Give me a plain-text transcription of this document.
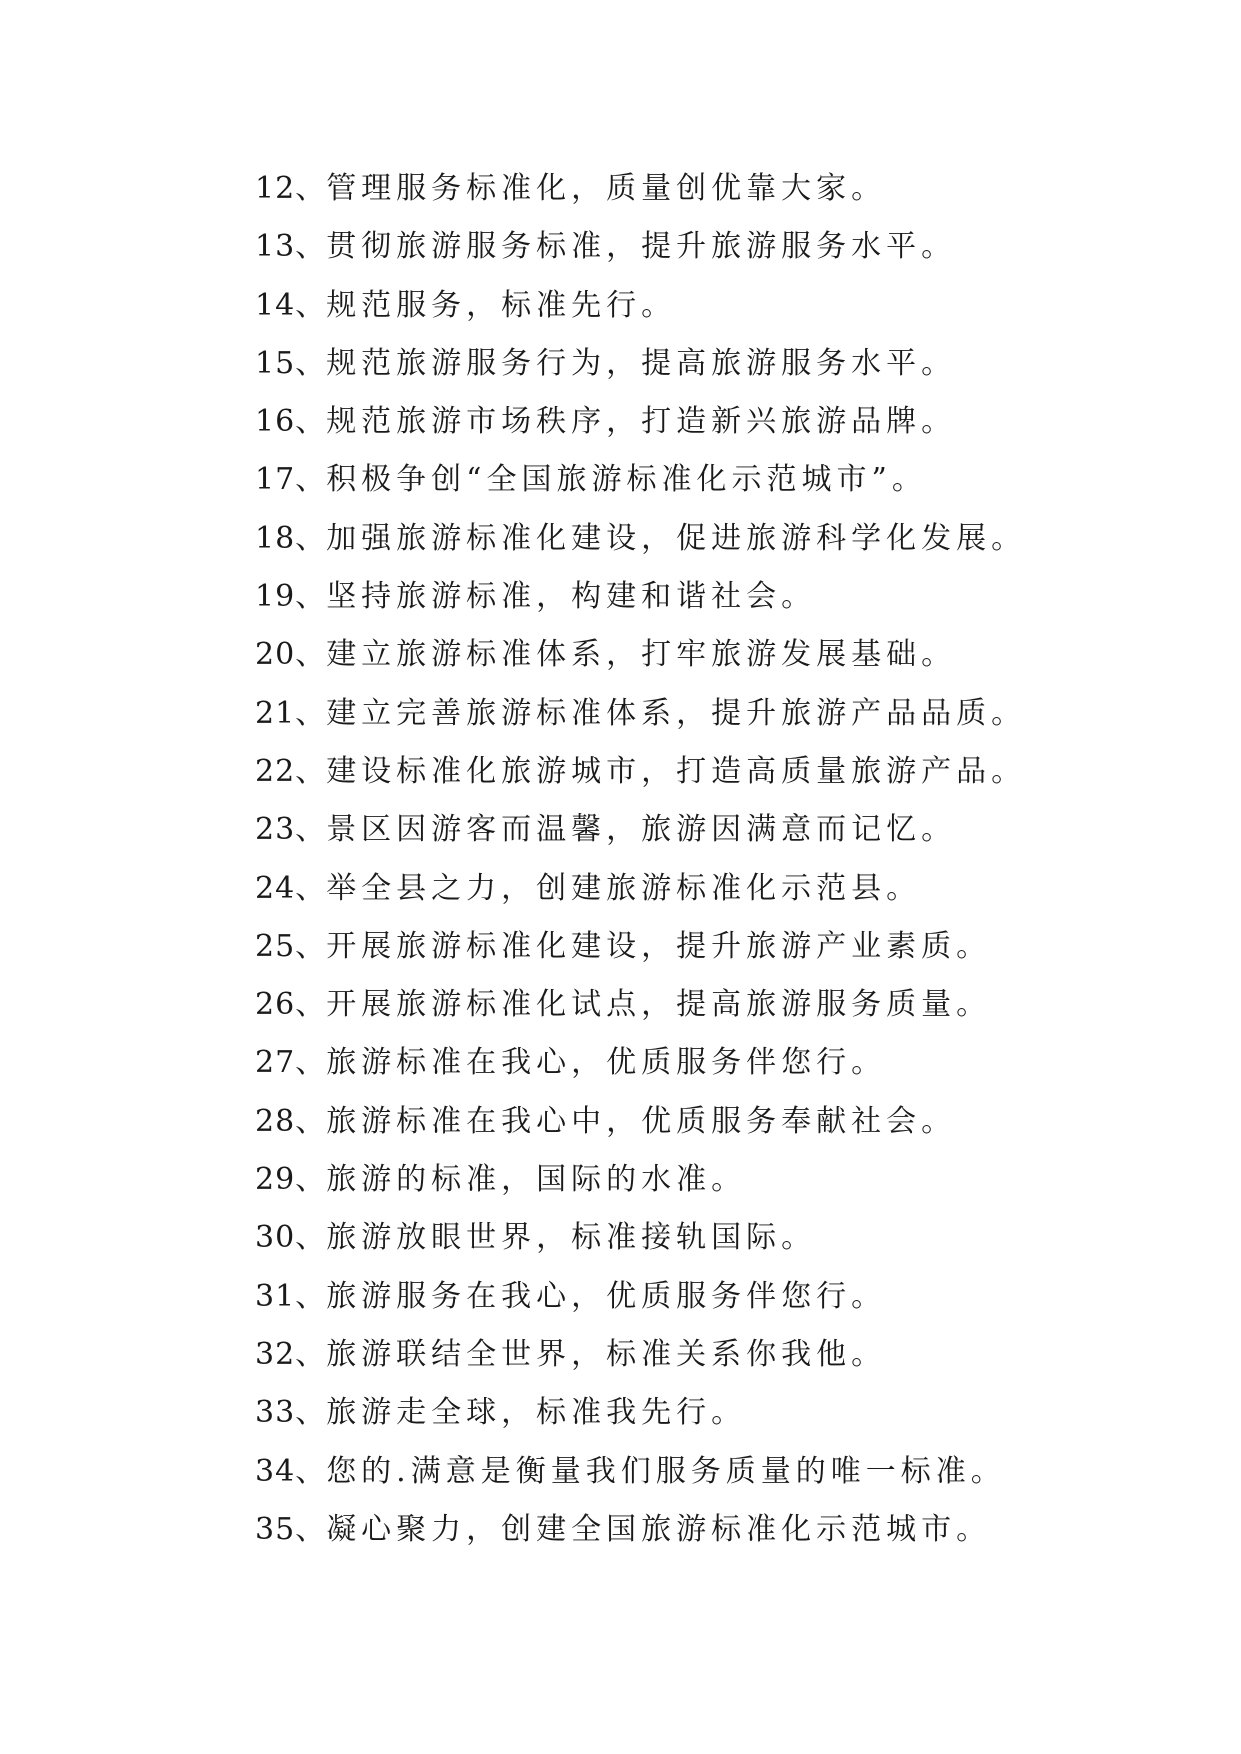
12、管理服务标准化，质量创优靠大家。
13、贯彻旅游服务标准，提升旅游服务水平。
14、规范服务，标准先行。
15、规范旅游服务行为，提高旅游服务水平。
16、规范旅游市场秩序，打造新兴旅游品牌。
17、积极争创“全国旅游标准化示范城市”。
18、加强旅游标准化建设，促进旅游科学化发展。
19、坚持旅游标准，构建和谐社会。
20、建立旅游标准体系，打牢旅游发展基础。
21、建立完善旅游标准体系，提升旅游产品品质。
22、建设标准化旅游城市，打造高质量旅游产品。
23、景区因游客而温馨，旅游因满意而记忆。
24、举全县之力，创建旅游标准化示范县。
25、开展旅游标准化建设，提升旅游产业素质。
26、开展旅游标准化试点，提高旅游服务质量。
27、旅游标准在我心，优质服务伴您行。
28、旅游标准在我心中，优质服务奉献社会。
29、旅游的标准，国际的水准。
30、旅游放眼世界，标准接轨国际。
31、旅游服务在我心，优质服务伴您行。
32、旅游联结全世界，标准关系你我他。
33、旅游走全球，标准我先行。
34、您的.满意是衡量我们服务质量的唯一标准。
35、凝心聚力，创建全国旅游标准化示范城市。
